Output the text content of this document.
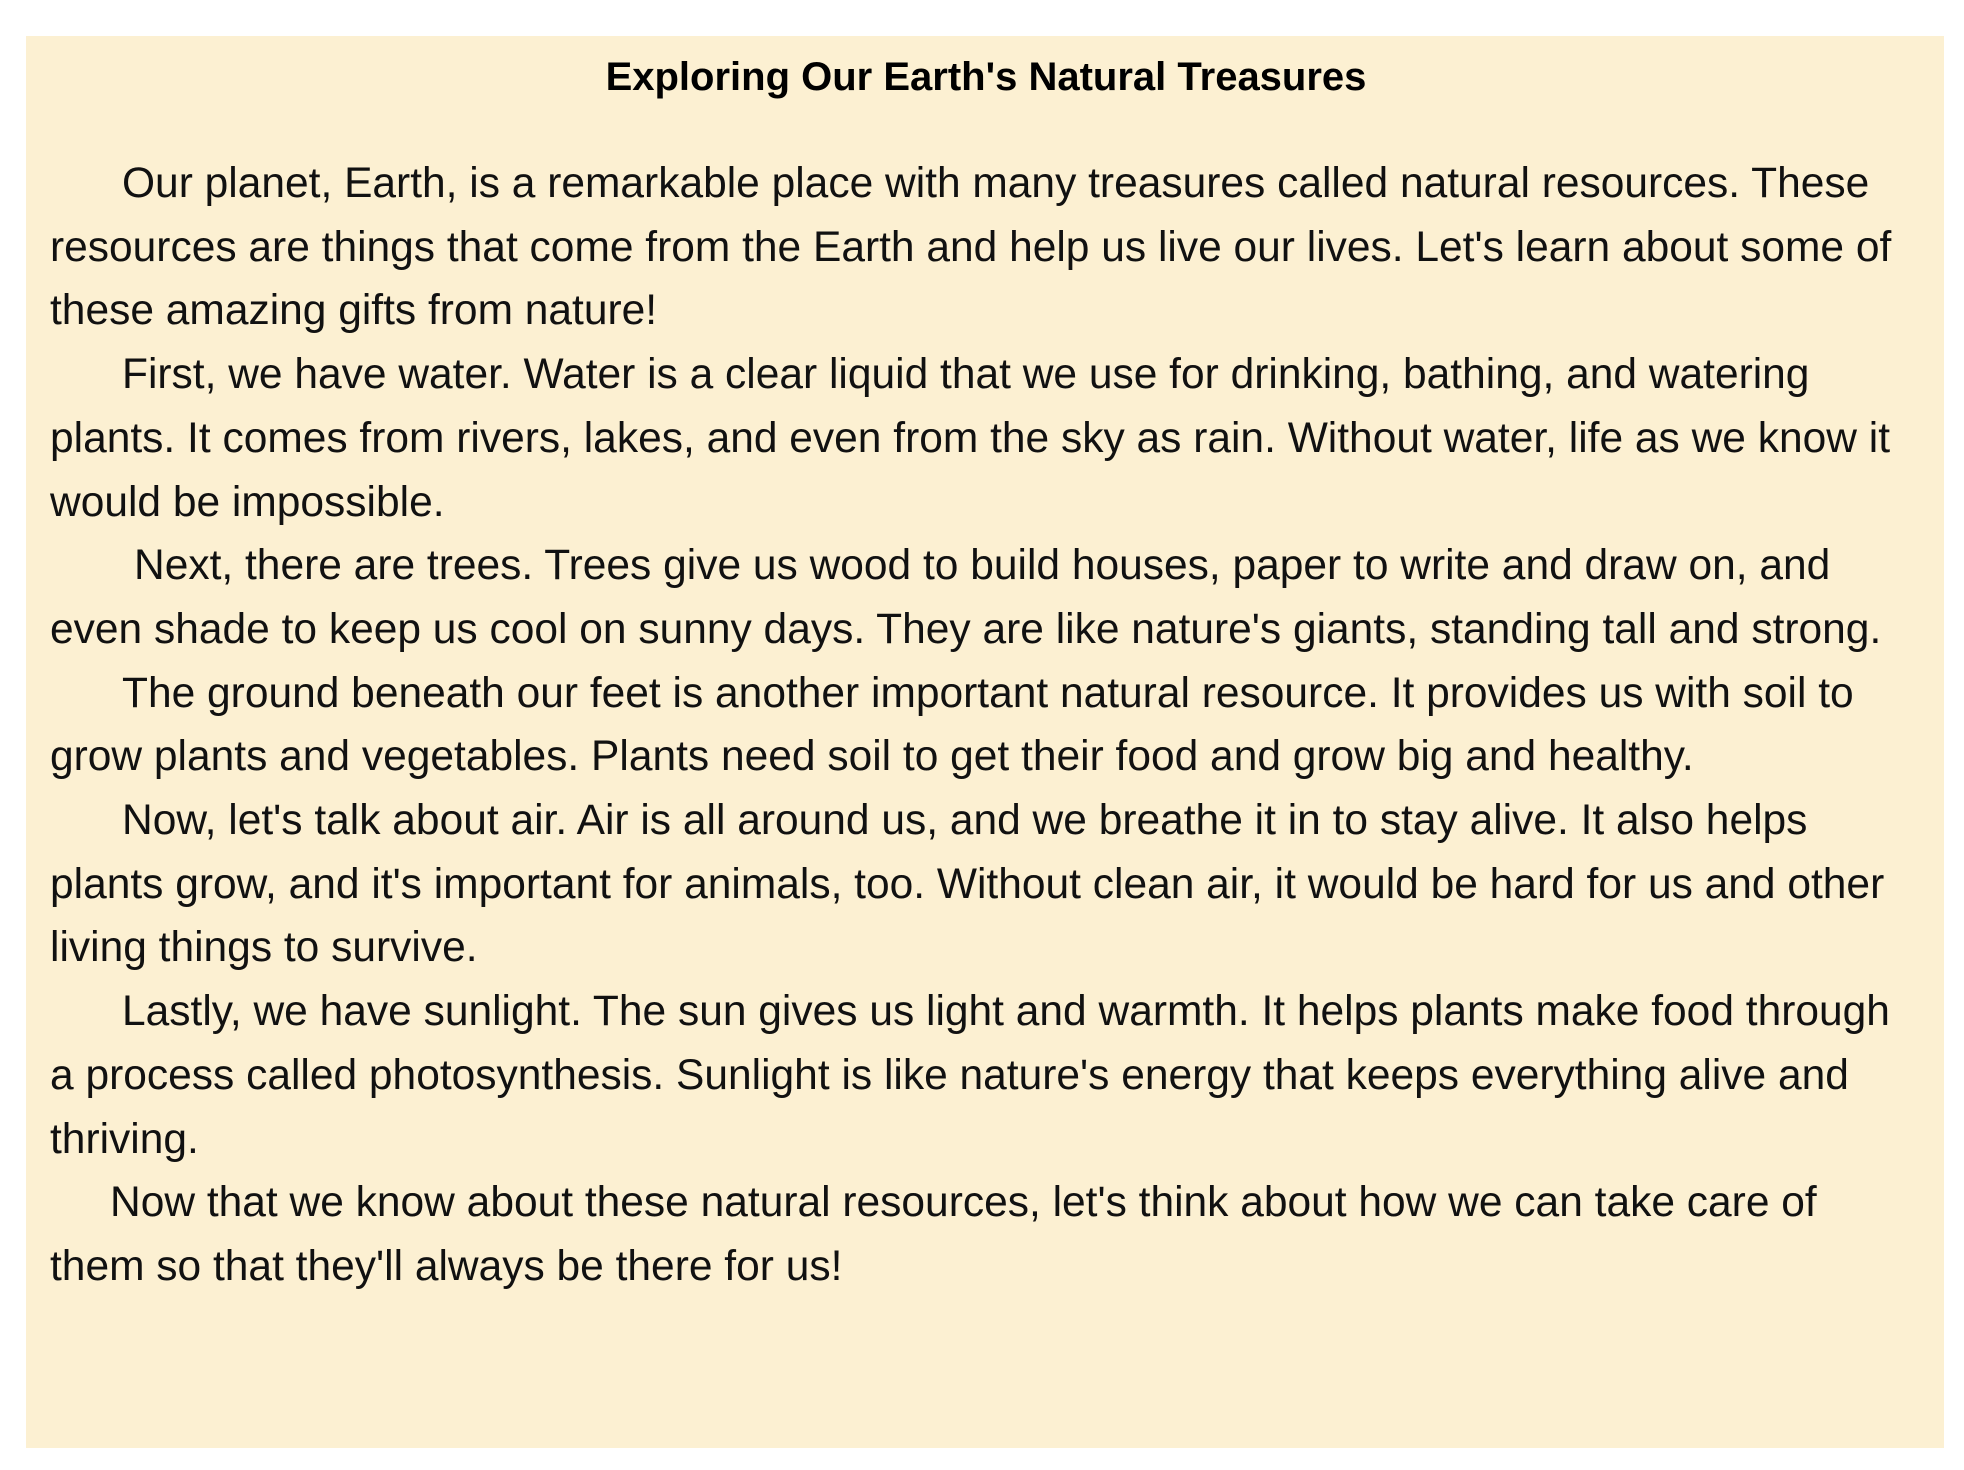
Exploring Our Earth's Natural Treasures

Our planet, Earth, is a remarkable place with many treasures called natural resources. These resources are things that come from the Earth and help us live our lives. Let's learn about some of these amazing gifts from nature!

First, we have water. Water is a clear liquid that we use for drinking, bathing, and watering plants. It comes from rivers, lakes, and even from the sky as rain. Without water, life as we know it would be impossible.

Next, there are trees. Trees give us wood to build houses, paper to write and draw on, and even shade to keep us cool on sunny days. They are like nature's giants, standing tall and strong.

The ground beneath our feet is another important natural resource. It provides us with soil to grow plants and vegetables. Plants need soil to get their food and grow big and healthy.

Now, let's talk about air. Air is all around us, and we breathe it in to stay alive. It also helps plants grow, and it's important for animals, too. Without clean air, it would be hard for us and other living things to survive.

Lastly, we have sunlight. The sun gives us light and warmth. It helps plants make food through a process called photosynthesis. Sunlight is like nature's energy that keeps everything alive and thriving.

Now that we know about these natural resources, let's think about how we can take care of them so that they'll always be there for us!
